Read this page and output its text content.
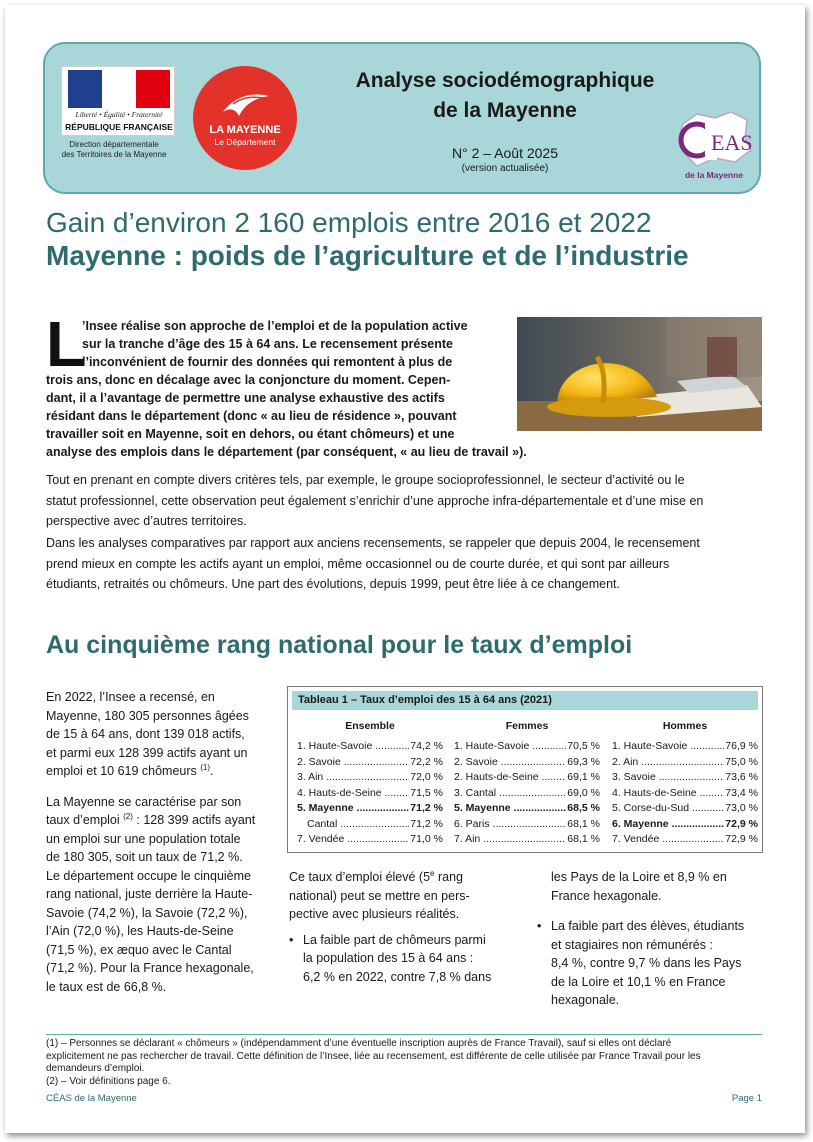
Liberté • Égalité • Fraternité
RÉPUBLIQUE FRANÇAISE
Direction départementale
des Territoires de la Mayenne
LA MAYENNE
Le Département
Analyse sociodémographique
de la Mayenne
N° 2 – Août 2025
(version actualisée)
EAS
de la Mayenne
Gain d’environ 2 160 emplois entre 2016 et 2022
Mayenne : poids de l’agriculture et de l’industrie
L
’Insee réalise son approche de l’emploi et de la population active
sur la tranche d’âge des 15 à 64 ans. Le recensement présente
l’inconvénient de fournir des données qui remontent à plus de
trois ans, donc en décalage avec la conjoncture du moment. Cepen-
dant, il a l’avantage de permettre une analyse exhaustive des actifs
résidant dans le département (donc « au lieu de résidence », pouvant
travailler soit en Mayenne, soit en dehors, ou étant chômeurs) et une
analyse des emplois dans le département (par conséquent, « au lieu de travail »).
Tout en prenant en compte divers critères tels, par exemple, le groupe socioprofessionnel, le secteur d’activité ou le
statut professionnel, cette observation peut également s’enrichir d’une approche infra-départementale et d’une mise en
perspective avec d’autres territoires.
Dans les analyses comparatives par rapport aux anciens recensements, se rappeler que depuis 2004, le recensement
prend mieux en compte les actifs ayant un emploi, même occasionnel ou de courte durée, et qui sont par ailleurs
étudiants, retraités ou chômeurs. Une part des évolutions, depuis 1999, peut être liée à ce changement.
Au cinquième rang national pour le taux d’emploi

En 2022, l’Insee a recensé, en
Mayenne, 180 305 personnes âgées
de 15 à 64 ans, dont 139 018 actifs,
et parmi eux 128 399 actifs ayant un
emploi et 10 619 chômeurs $^{(1)}$.

La Mayenne se caractérise par son
taux d’emploi $^{(2)}$ : 128 399 actifs ayant
un emploi sur une population totale
de 180 305, soit un taux de 71,2 %.
Le département occupe le cinquième
rang national, juste derrière la Haute-
Savoie (74,2 %), la Savoie (72,2 %),
l’Ain (72,0 %), les Hauts-de-Seine
(71,5 %), ex æquo avec le Cantal
(71,2 %). Pour la France hexagonale,
le taux est de 66,8 %.

Tableau 1 – Taux d’emploi des 15 à 64 ans (2021)
Ensemble
1. Haute-Savoie .....	74,2 %
2. Savoie .....	72,2 %
3. Ain .....	72,0 %
4. Hauts-de-Seine .....	71,5 %
5. Mayenne .....	71,2 %
Cantal .....	71,2 %
7. Vendée .....	71,0 %
Femmes
1. Haute-Savoie .....	70,5 %
2. Savoie .....	69,3 %
2. Hauts-de-Seine .....	69,1 %
3. Cantal .....	69,0 %
5. Mayenne .....	68,5 %
6. Paris .....	68,1 %
7. Ain .....	68,1 %
Hommes
1. Haute-Savoie .....	76,9 %
2. Ain .....	75,0 %
3. Savoie .....	73,6 %
4. Hauts-de-Seine .....	73,4 %
5. Corse-du-Sud .....	73,0 %
6. Mayenne .....	72,9 %
7. Vendée .....	72,9 %
Ce taux d’emploi élevé (5e rang
national) peut se mettre en pers-
pective avec plusieurs réalités.
• La faible part de chômeurs parmi
la population des 15 à 64 ans :
6,2 % en 2022, contre 7,8 % dans
les Pays de la Loire et 8,9 % en
France hexagonale.
• La faible part des élèves, étudiants
et stagiaires non rémunérés :
8,4 %, contre 9,7 % dans les Pays
de la Loire et 10,1 % en France
hexagonale.
(1) – Personnes se déclarant « chômeurs » (indépendamment d’une éventuelle inscription auprès de France Travail), sauf si elles ont déclaré
explicitement ne pas rechercher de travail. Cette définition de l’Insee, liée au recensement, est différente de celle utilisée par France Travail pour les
demandeurs d’emploi.
(2) – Voir définitions page 6.
CÉAS de la Mayenne	Page 1
